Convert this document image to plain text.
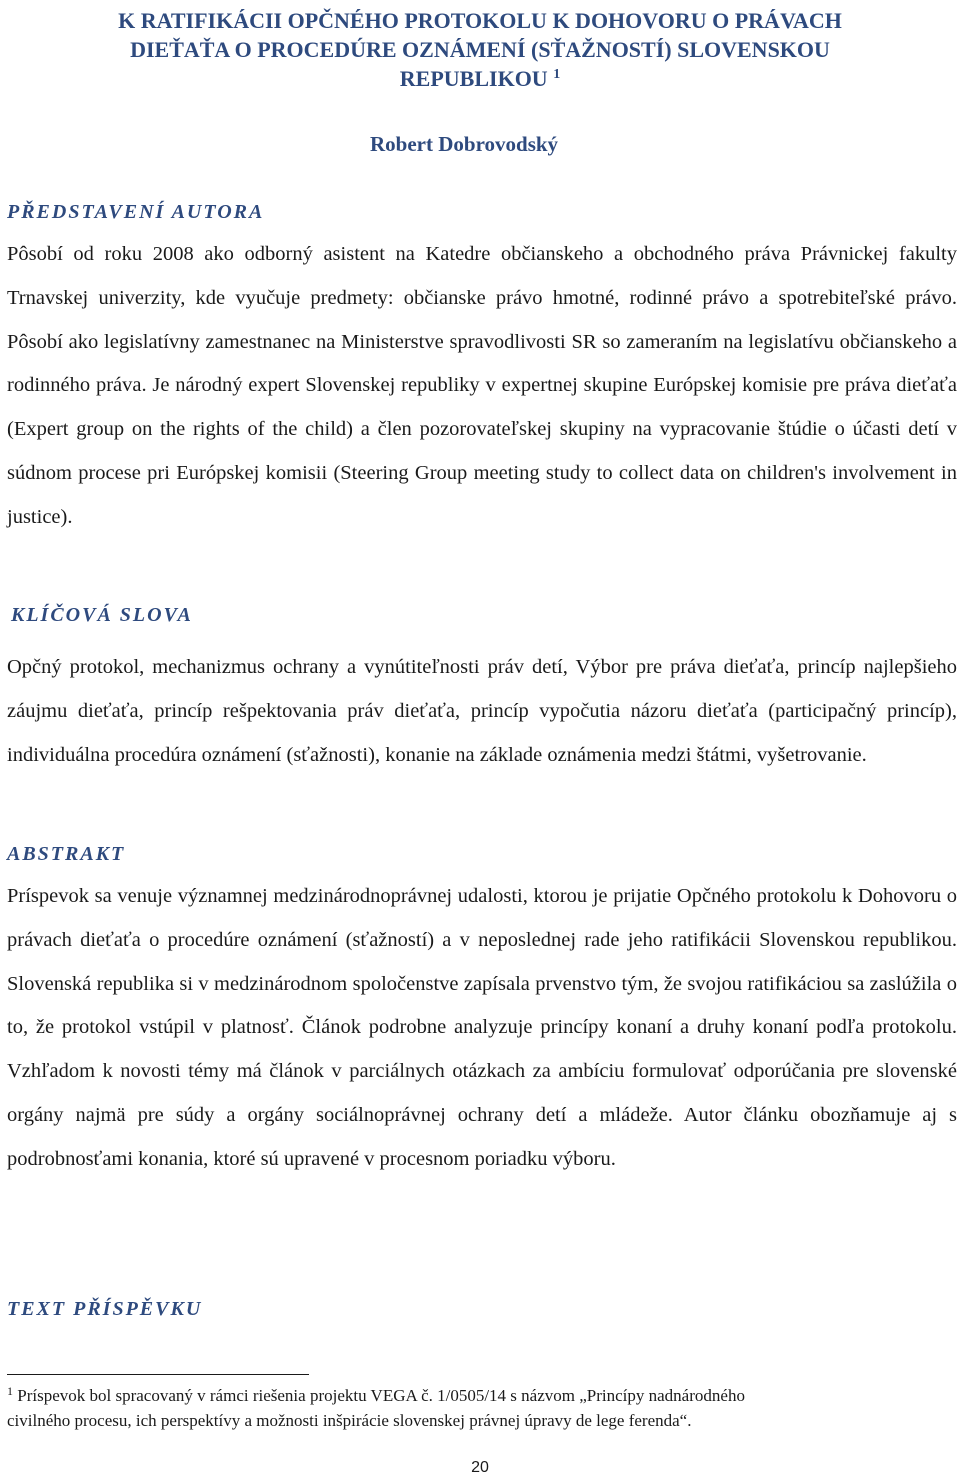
K RATIFIKÁCII OPČNÉHO PROTOKOLU K DOHOVORU O PRÁVACH
DIEŤAŤA O PROCEDÚRE OZNÁMENÍ (SŤAŽNOSTÍ) SLOVENSKOU
REPUBLIKOU $^1$
Robert Dobrovodský
PŘEDSTAVENÍ AUTORA
Pôsobí od roku 2008 ako odborný asistent na Katedre občianskeho a obchodného práva Právnickej fakulty Trnavskej univerzity, kde vyučuje predmety: občianske právo hmotné, rodinné právo a spotrebiteľské právo. Pôsobí ako legislatívny zamestnanec na Ministerstve spravodlivosti SR so zameraním na legislatívu občianskeho a rodinného práva. Je národný expert Slovenskej republiky v expertnej skupine Európskej komisie pre práva dieťaťa (Expert group on the rights of the child) a člen pozorovateľskej skupiny na vypracovanie štúdie o účasti detí v súdnom procese pri Európskej komisii (Steering Group meeting study to collect data on children's involvement in justice).
KLÍČOVÁ SLOVA
Opčný protokol, mechanizmus ochrany a vynútiteľnosti práv detí, Výbor pre práva dieťaťa, princíp najlepšieho záujmu dieťaťa, princíp rešpektovania práv dieťaťa, princíp vypočutia názoru dieťaťa (participačný princíp), individuálna procedúra oznámení (sťažnosti), konanie na základe oznámenia medzi štátmi, vyšetrovanie.
ABSTRAKT
Príspevok sa venuje významnej medzinárodnoprávnej udalosti, ktorou je prijatie Opčného protokolu k Dohovoru o právach dieťaťa o procedúre oznámení (sťažností) a v neposlednej rade jeho ratifikácii Slovenskou republikou. Slovenská republika si v medzinárodnom spoločenstve zapísala prvenstvo tým, že svojou ratifikáciou sa zaslúžila o to, že protokol vstúpil v platnosť. Článok podrobne analyzuje princípy konaní a druhy konaní podľa protokolu. Vzhľadom k novosti témy má článok v parciálnych otázkach za ambíciu formulovať odporúčania pre slovenské orgány najmä pre súdy a orgány sociálnoprávnej ochrany detí a mládeže. Autor článku obozňamuje aj s podrobnosťami konania, ktoré sú upravené v procesnom poriadku výboru.
TEXT PŘÍSPĚVKU
$^1$ Príspevok bol spracovaný v rámci riešenia projektu VEGA č. 1/0505/14 s názvom „Princípy nadnárodného
civilného procesu, ich perspektívy a možnosti inšpirácie slovenskej právnej úpravy de lege ferenda“.
20
